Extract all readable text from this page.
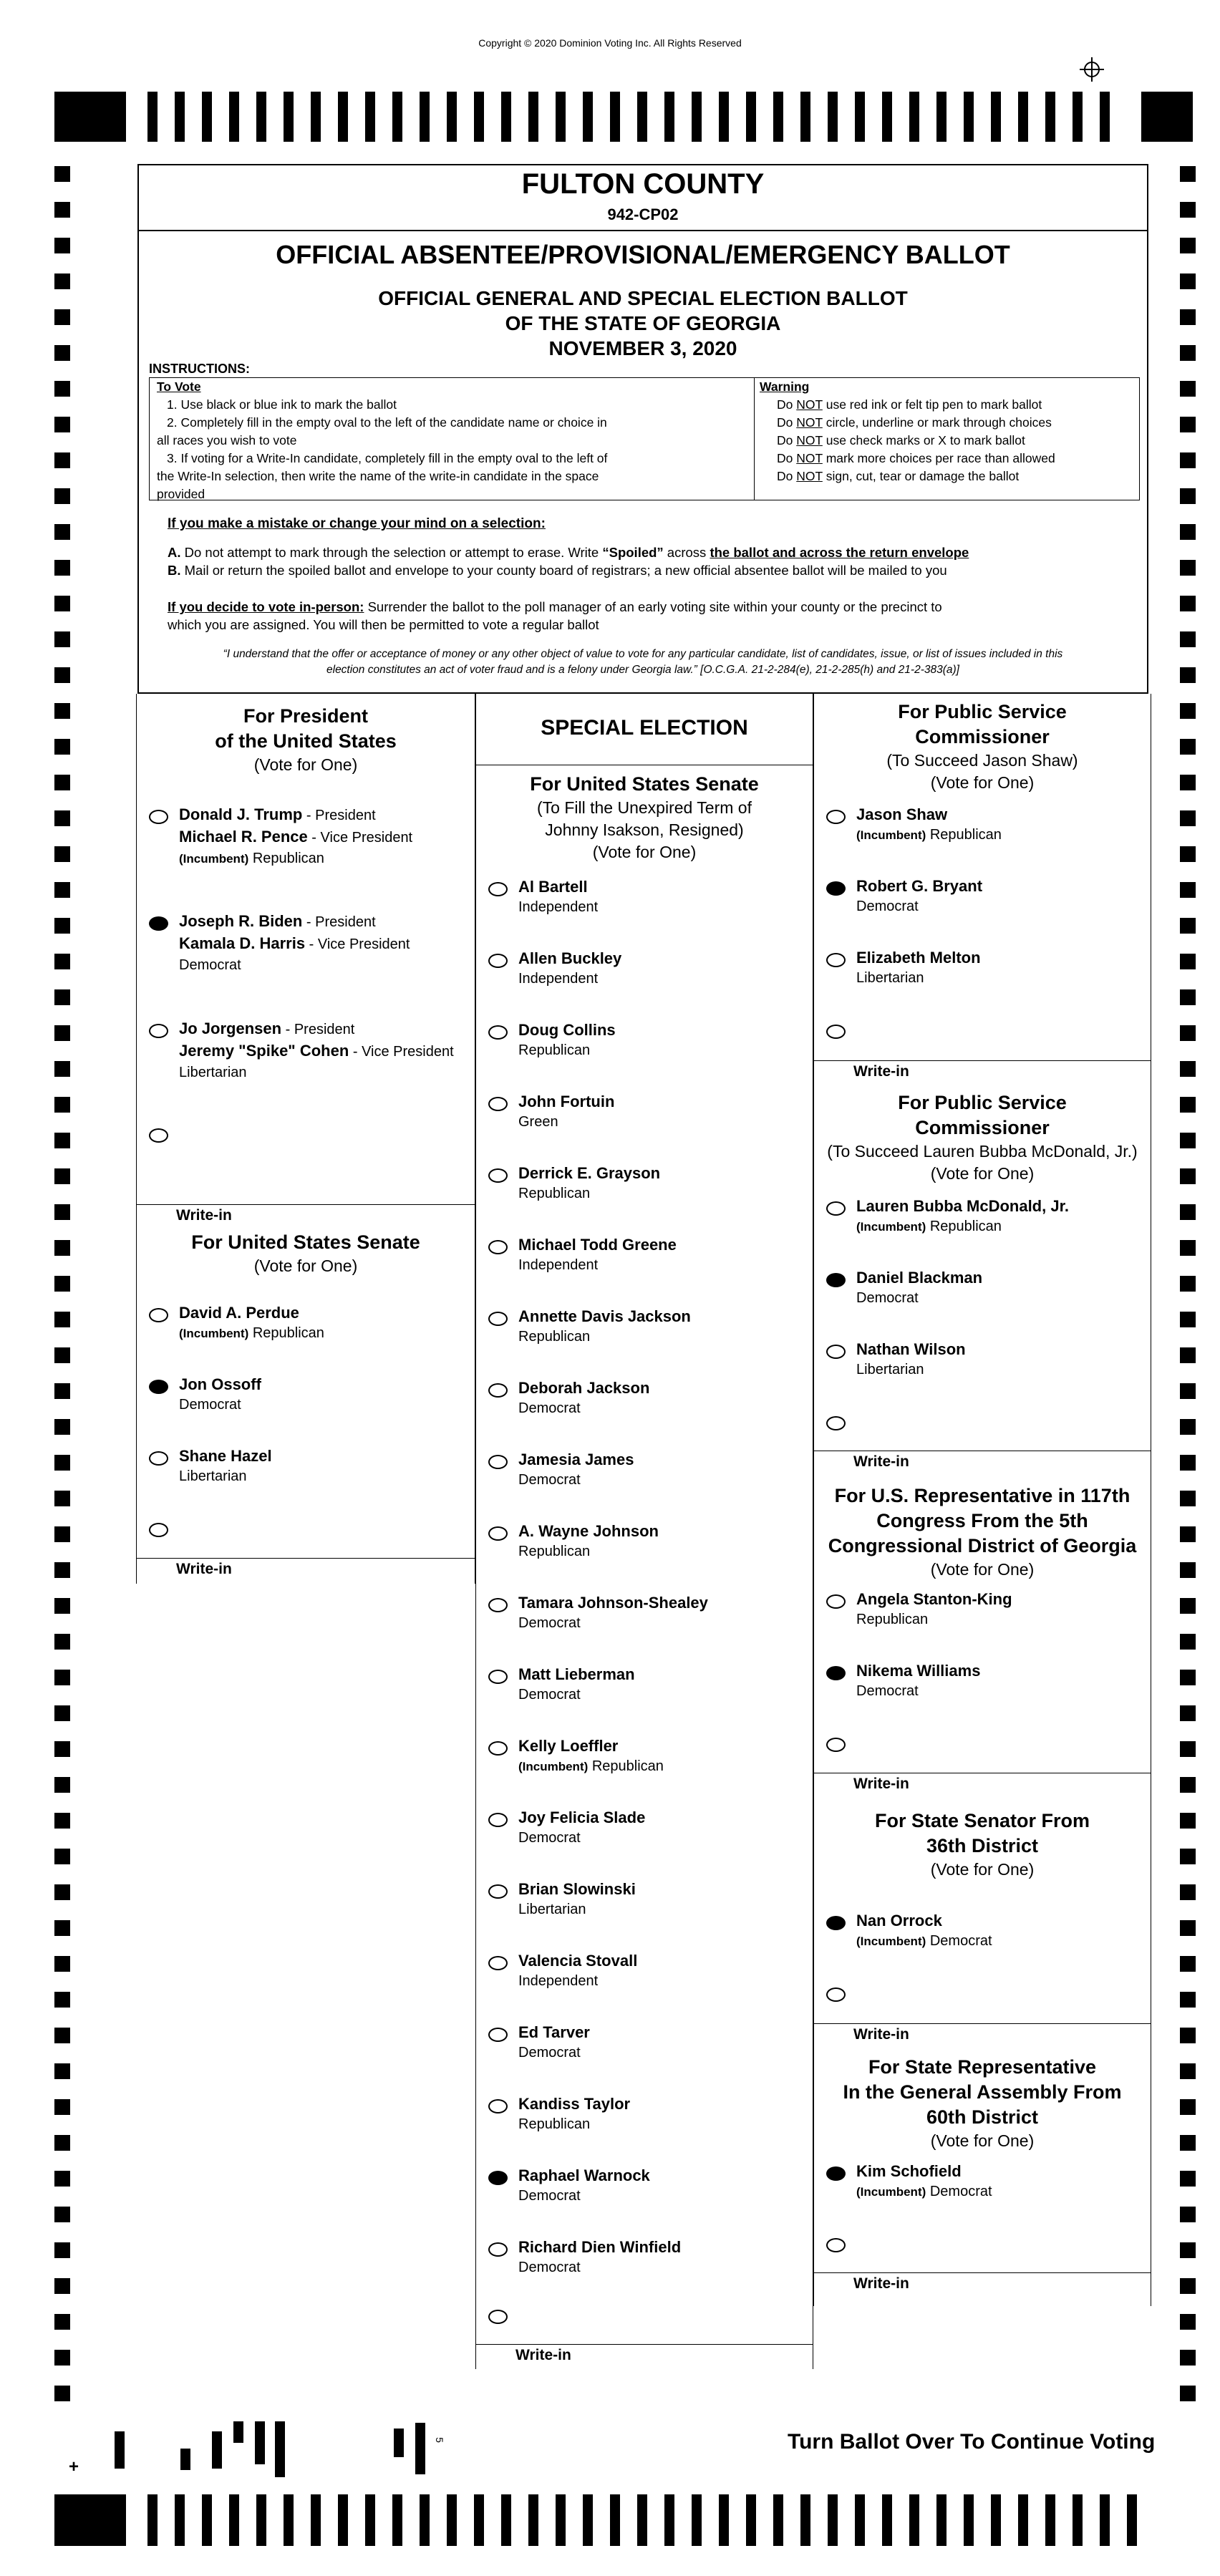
Copyright © 2020 Dominion Voting Inc. All Rights Reserved
FULTON COUNTY
942-CP02
OFFICIAL ABSENTEE/PROVISIONAL/EMERGENCY BALLOT
OFFICIAL GENERAL AND SPECIAL ELECTION BALLOT
OF THE STATE OF GEORGIA
NOVEMBER 3, 2020
INSTRUCTIONS:
To Vote
1. Use black or blue ink to mark the ballot
2. Completely fill in the empty oval to the left of the candidate name or choice in
all races you wish to vote
3. If voting for a Write-In candidate, completely fill in the empty oval to the left of
the Write-In selection, then write the name of the write-in candidate in the space
provided
Warning
Do NOT use red ink or felt tip pen to mark ballot
Do NOT circle, underline or mark through choices
Do NOT use check marks or X to mark ballot
Do NOT mark more choices per race than allowed
Do NOT sign, cut, tear or damage the ballot
If you make a mistake or change your mind on a selection:
A. Do not attempt to mark through the selection or attempt to erase. Write “Spoiled” across the ballot and across the return envelope
B. Mail or return the spoiled ballot and envelope to your county board of registrars; a new official absentee ballot will be mailed to you
If you decide to vote in-person: Surrender the ballot to the poll manager of an early voting site within your county or the precinct to
which you are assigned. You will then be permitted to vote a regular ballot
“I understand that the offer or acceptance of money or any other object of value to vote for any particular candidate, list of candidates, issue, or list of issues included in this
election constitutes an act of voter fraud and is a felony under Georgia law.” [O.C.G.A. 21-2-284(e), 21-2-285(h) and 21-2-383(a)]
For President
of the United States
(Vote for One)
For United States Senate
(Vote for One)
SPECIAL ELECTION
For United States Senate
(To Fill the Unexpired Term of
Johnny Isakson, Resigned)
(Vote for One)
For Public Service
Commissioner
(To Succeed Jason Shaw)
(Vote for One)
For Public Service
Commissioner
(To Succeed Lauren Bubba McDonald, Jr.)
(Vote for One)
For U.S. Representative in 117th
Congress From the 5th
Congressional District of Georgia
(Vote for One)
For State Senator From
36th District
(Vote for One)
For State Representative
In the General Assembly From
60th District
(Vote for One)
Donald J. Trump - President
Michael R. Pence - Vice President
(Incumbent) Republican
Joseph R. Biden - President
Kamala D. Harris - Vice President
Democrat
Jo Jorgensen - President
Jeremy "Spike" Cohen - Vice President
Libertarian
Write-in
David A. Perdue
(Incumbent) Republican
Jon Ossoff
Democrat
Shane Hazel
Libertarian
Write-in
Al Bartell
Independent
Allen Buckley
Independent
Doug Collins
Republican
John Fortuin
Green
Derrick E. Grayson
Republican
Michael Todd Greene
Independent
Annette Davis Jackson
Republican
Deborah Jackson
Democrat
Jamesia James
Democrat
A. Wayne Johnson
Republican
Tamara Johnson-Shealey
Democrat
Matt Lieberman
Democrat
Kelly Loeffler
(Incumbent) Republican
Joy Felicia Slade
Democrat
Brian Slowinski
Libertarian
Valencia Stovall
Independent
Ed Tarver
Democrat
Kandiss Taylor
Republican
Raphael Warnock
Democrat
Richard Dien Winfield
Democrat
Write-in
Jason Shaw
(Incumbent) Republican
Robert G. Bryant
Democrat
Elizabeth Melton
Libertarian
Write-in
Lauren Bubba McDonald, Jr.
(Incumbent) Republican
Daniel Blackman
Democrat
Nathan Wilson
Libertarian
Write-in
Angela Stanton-King
Republican
Nikema Williams
Democrat
Write-in
Nan Orrock
(Incumbent) Democrat
Write-in
Kim Schofield
(Incumbent) Democrat
Write-in
Turn Ballot Over To Continue Voting
5
+
